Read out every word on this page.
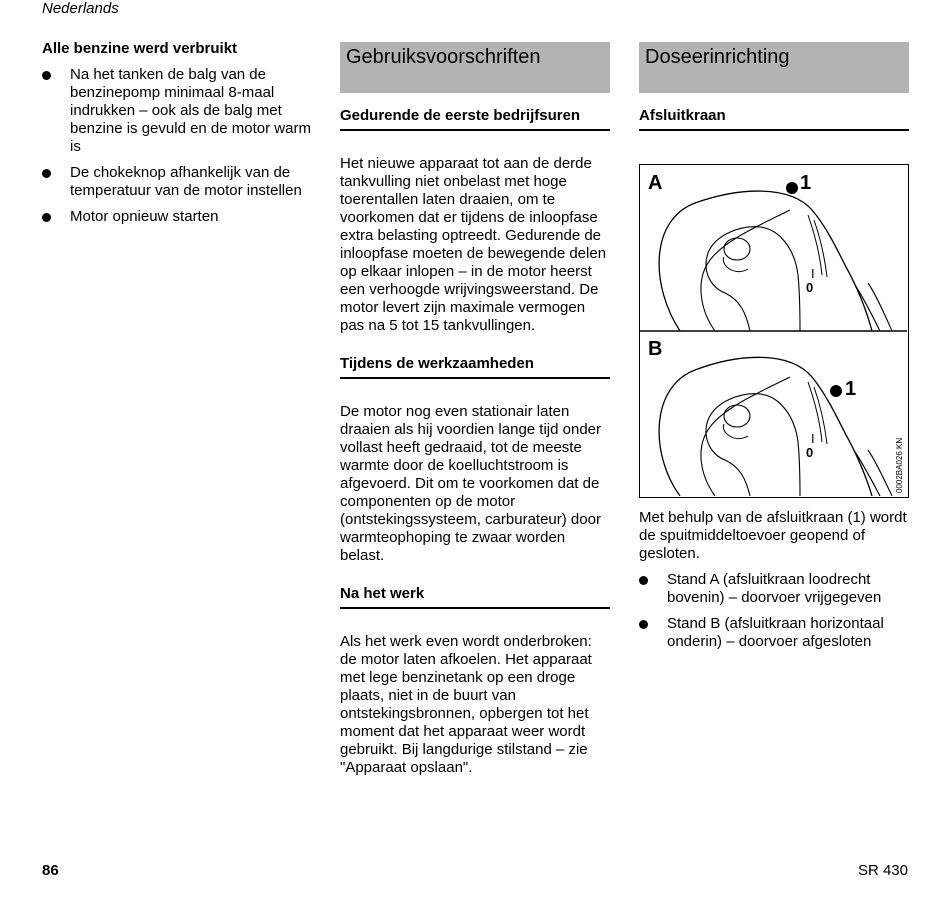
Nederlands
Alle benzine werd verbruikt
Na het tanken de balg van de benzinepomp minimaal 8-maal indrukken – ook als de balg met benzine is gevuld en de motor warm is
De chokeknop afhankelijk van de temperatuur van de motor instellen
Motor opnieuw starten
Gebruiksvoorschriften
Gedurende de eerste bedrijfsuren

Het nieuwe apparaat tot aan de derde tankvulling niet onbelast met hoge toerentallen laten draaien, om te voorkomen dat er tijdens de inloopfase extra belasting optreedt. Gedurende de inloopfase moeten de bewegende delen op elkaar inlopen – in de motor heerst een verhoogde wrijvingsweerstand. De motor levert zijn maximale vermogen pas na 5 tot 15 tankvullingen.

Tijdens de werkzaamheden

De motor nog even stationair laten draaien als hij voordien lange tijd onder vollast heeft gedraaid, tot de meeste warmte door de koelluchtstroom is afgevoerd. Dit om te voorkomen dat de componenten op de motor (ontstekingssysteem, carburateur) door warmteophoping te zwaar worden belast.

Na het werk

Als het werk even wordt onderbroken: de motor laten afkoelen. Het apparaat met lege benzinetank op een droge plaats, niet in de buurt van ontstekingsbronnen, opbergen tot het moment dat het apparaat weer wordt gebruikt. Bij langdurige stilstand – zie "Apparaat opslaan".

Doseerinrichting
Afsluitkraan
A
I
0
1
B
I
0
1
0002BA026 KN

Met behulp van de afsluitkraan (1) wordt de spuitmiddeltoevoer geopend of gesloten.

Stand A (afsluitkraan loodrecht bovenin) – doorvoer vrijgegeven
Stand B (afsluitkraan horizontaal onderin) – doorvoer afgesloten
86	SR 430
